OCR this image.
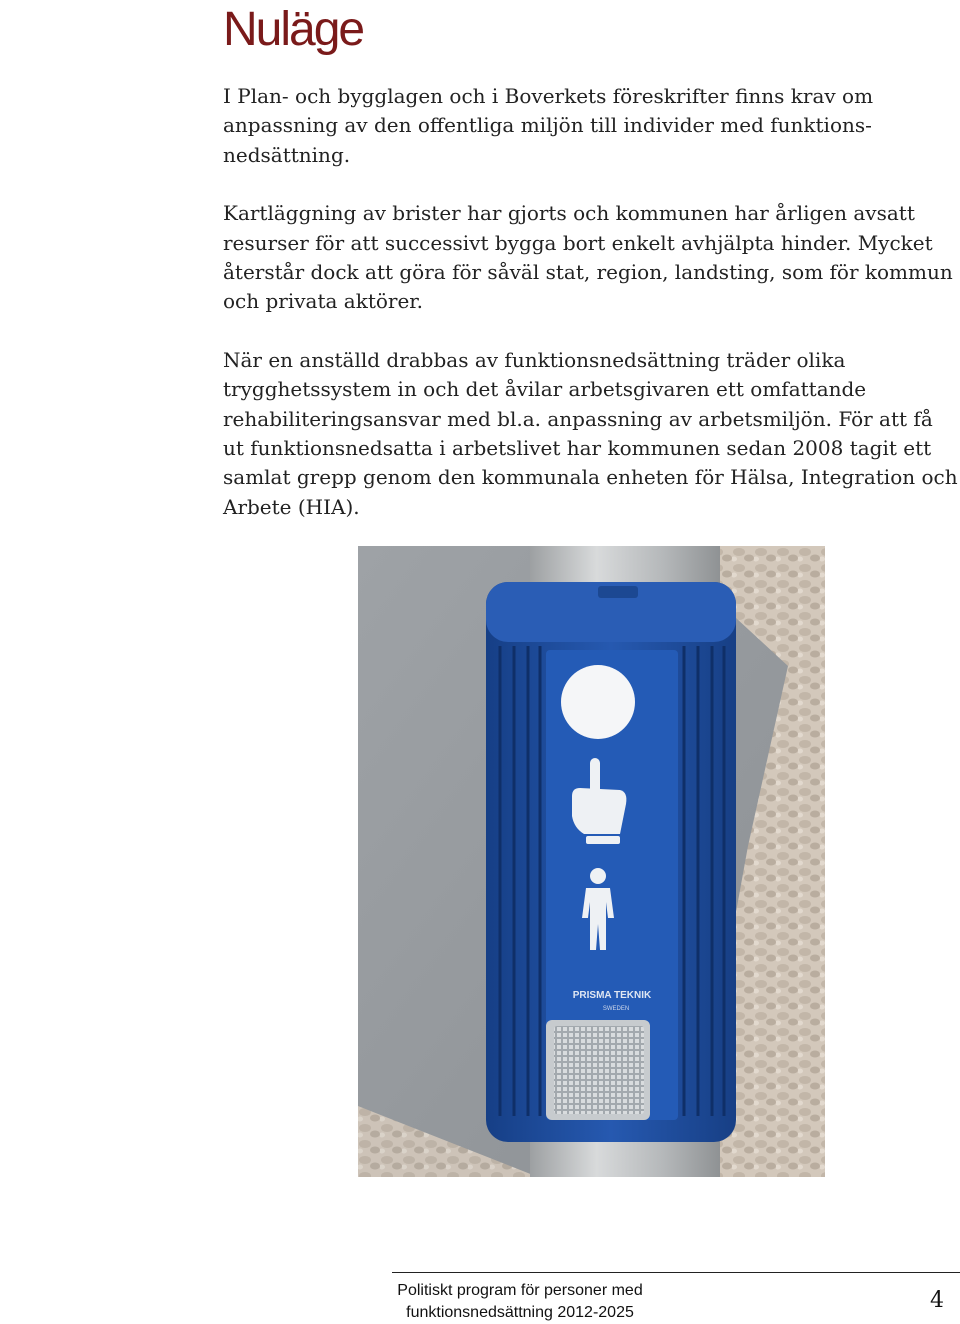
Nuläge

I Plan- och bygglagen och i Boverkets föreskrifter finns krav om anpassning av den offentliga miljön till individer med funktions-
nedsättning.

Kartläggning av brister har gjorts och kommunen har årligen avsatt resurser för att successivt bygga bort enkelt avhjälpta hinder. Mycket återstår dock att göra för såväl stat, region, landsting, som för kommun och privata aktörer.

När en anställd drabbas av funktionsnedsättning träder olika trygghetssystem in och det åvilar arbetsgivaren ett omfattande rehabiliteringsansvar med bl.a. anpassning av arbetsmiljön. För att få ut funktionsnedsatta i arbetslivet har kommunen sedan 2008 tagit ett samlat grepp genom den kommunala enheten för Hälsa, Integration och Arbete (HIA).

PRISMA TEKNIK
SWEDEN
Politiskt program för personer med
funktionsnedsättning 2012-2025	4
